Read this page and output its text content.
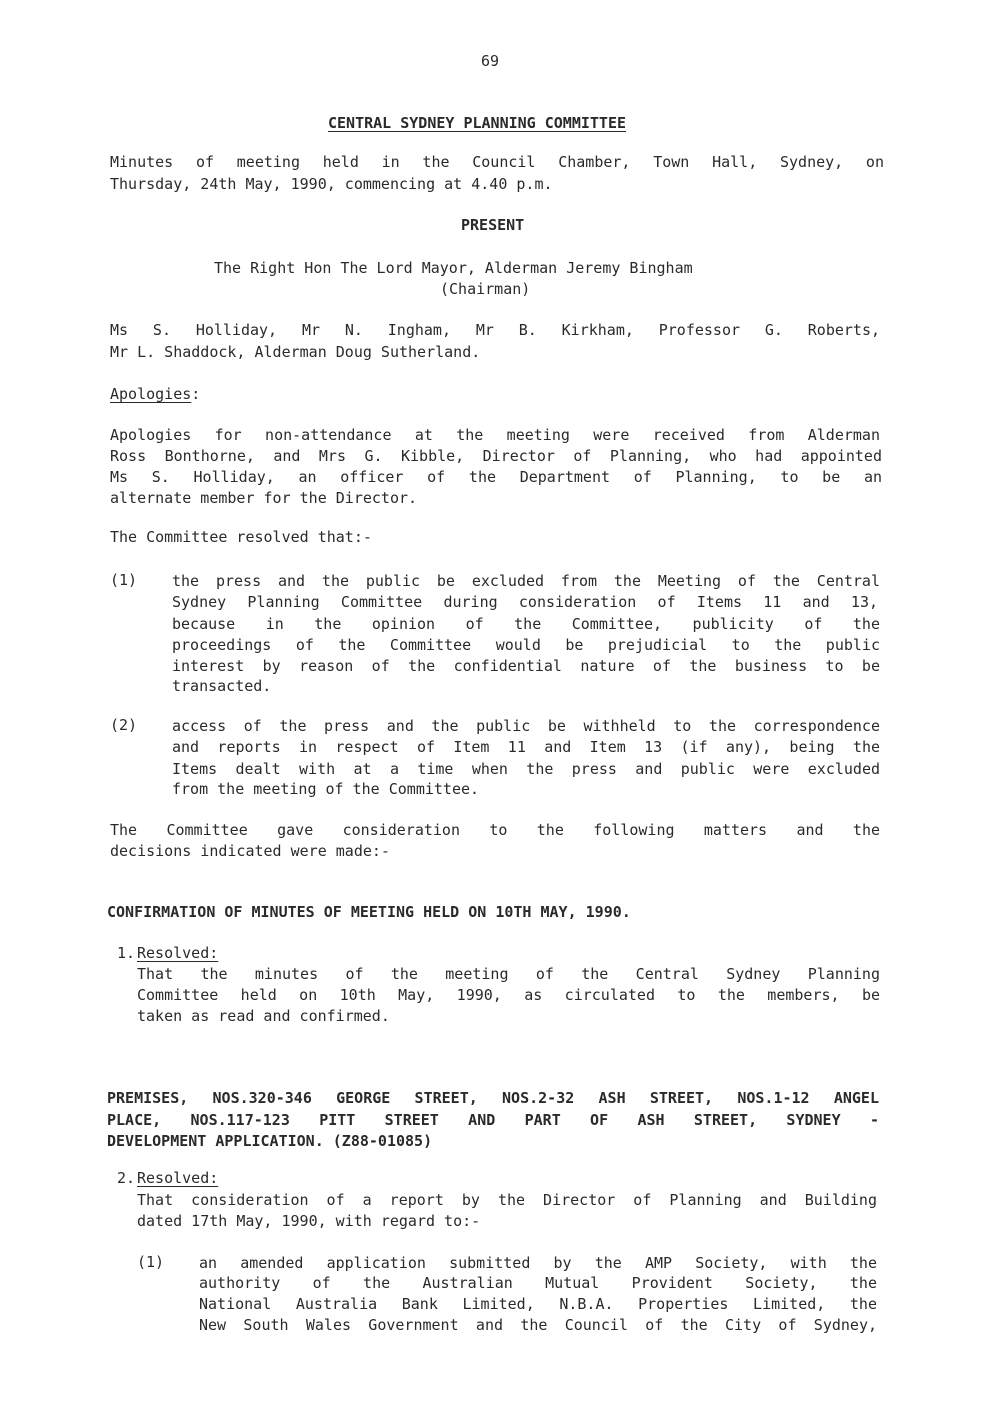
69
CENTRAL SYDNEY PLANNING COMMITTEE
Minutes of meeting held in the Council Chamber, Town Hall, Sydney, on
Thursday, 24th May, 1990, commencing at 4.40 p.m.
PRESENT
The Right Hon The Lord Mayor, Alderman Jeremy Bingham
(Chairman)
Ms S. Holliday, Mr N. Ingham, Mr B. Kirkham, Professor G. Roberts,
Mr L. Shaddock, Alderman Doug Sutherland.
Apologies:
Apologies for non-attendance at the meeting were received from Alderman
Ross Bonthorne, and Mrs G. Kibble, Director of Planning, who had appointed
Ms S. Holliday, an officer of the Department of Planning, to be an
alternate member for the Director.
The Committee resolved that:-
(1) the press and the public be excluded from the Meeting of the Central
Sydney Planning Committee during consideration of Items 11 and 13,
because in the opinion of the Committee, publicity of the
proceedings of the Committee would be prejudicial to the public
interest by reason of the confidential nature of the business to be
transacted.
(2) access of the press and the public be withheld to the correspondence
and reports in respect of Item 11 and Item 13 (if any), being the
Items dealt with at a time when the press and public were excluded
from the meeting of the Committee.
The Committee gave consideration to the following matters and the
decisions indicated were made:-
CONFIRMATION OF MINUTES OF MEETING HELD ON 10TH MAY, 1990.
1. Resolved:
That the minutes of the meeting of the Central Sydney Planning
Committee held on 10th May, 1990, as circulated to the members, be
taken as read and confirmed.
PREMISES, NOS.320-346 GEORGE STREET, NOS.2-32 ASH STREET, NOS.1-12 ANGEL
PLACE, NOS.117-123 PITT STREET AND PART OF ASH STREET, SYDNEY -
DEVELOPMENT APPLICATION. (Z88-01085)
2. Resolved:
That consideration of a report by the Director of Planning and Building
dated 17th May, 1990, with regard to:-
(1) an amended application submitted by the AMP Society, with the
authority of the Australian Mutual Provident Society, the
National Australia Bank Limited, N.B.A. Properties Limited, the
New South Wales Government and the Council of the City of Sydney,
